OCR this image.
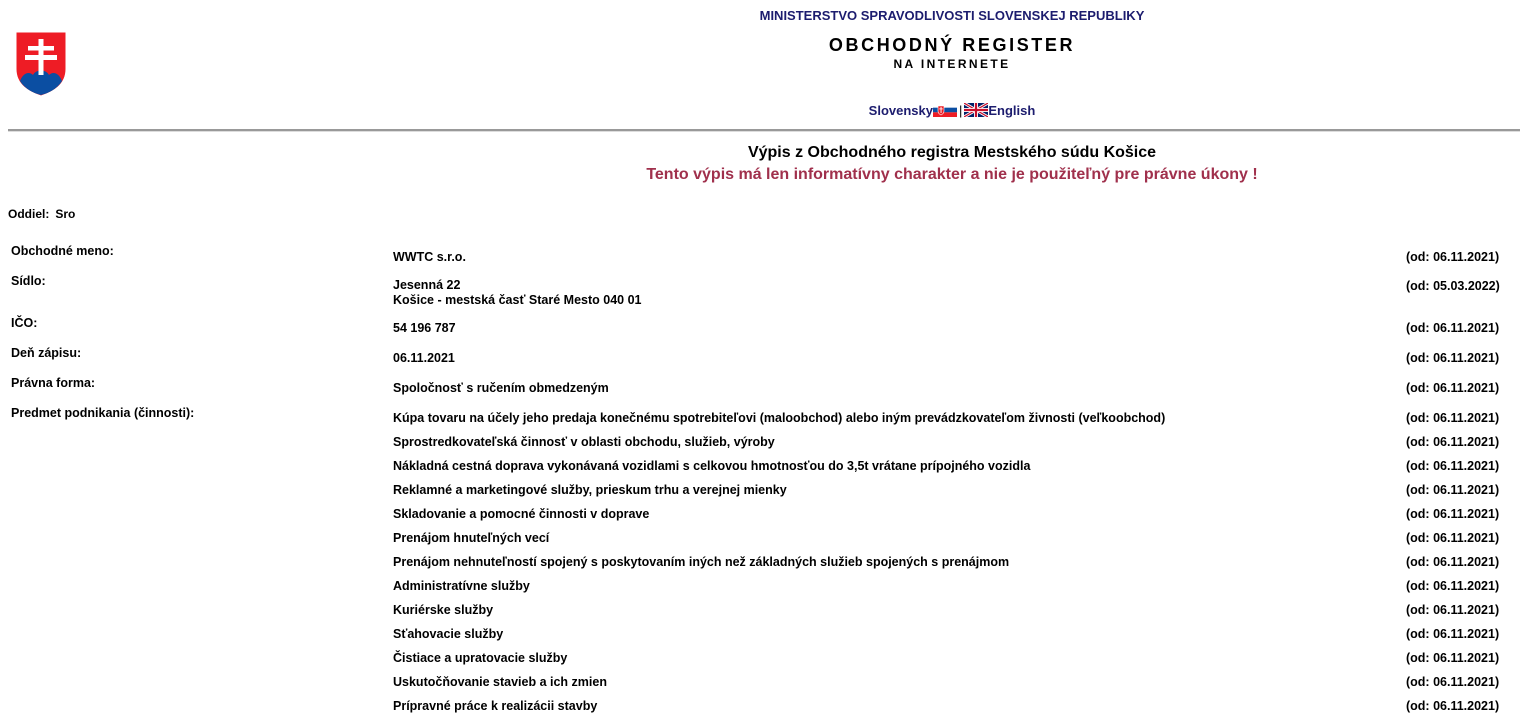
MINISTERSTVO SPRAVODLIVOSTI SLOVENSKEJ REPUBLIKY
OBCHODNÝ REGISTER
NA INTERNETE
Slovensky | English
Výpis z Obchodného registra Mestského súdu Košice
Tento výpis má len informatívny charakter a nie je použiteľný pre právne úkony !
Oddiel: Sro
Obchodné meno:	WWTC s.r.o.	(od: 06.11.2021)
Sídlo:	Jesenná 22
Košice - mestská časť Staré Mesto 040 01
(od: 05.03.2022)
IČO:	54 196 787	(od: 06.11.2021)
Deň zápisu:	06.11.2021	(od: 06.11.2021)
Právna forma:	Spoločnosť s ručením obmedzeným	(od: 06.11.2021)
Predmet podnikania (činnosti):	Kúpa tovaru na účely jeho predaja konečnému spotrebiteľovi (maloobchod) alebo iným prevádzkovateľom živnosti (veľkoobchod)	(od: 06.11.2021)
Sprostredkovateľská činnosť v oblasti obchodu, služieb, výroby	(od: 06.11.2021)
Nákladná cestná doprava vykonávaná vozidlami s celkovou hmotnosťou do 3,5t vrátane prípojného vozidla	(od: 06.11.2021)
Reklamné a marketingové služby, prieskum trhu a verejnej mienky	(od: 06.11.2021)
Skladovanie a pomocné činnosti v doprave	(od: 06.11.2021)
Prenájom hnuteľných vecí	(od: 06.11.2021)
Prenájom nehnuteľností spojený s poskytovaním iných než základných služieb spojených s prenájmom	(od: 06.11.2021)
Administratívne služby	(od: 06.11.2021)
Kuriérske služby	(od: 06.11.2021)
Sťahovacie služby	(od: 06.11.2021)
Čistiace a upratovacie služby	(od: 06.11.2021)
Uskutočňovanie stavieb a ich zmien	(od: 06.11.2021)
Prípravné práce k realizácii stavby	(od: 06.11.2021)
